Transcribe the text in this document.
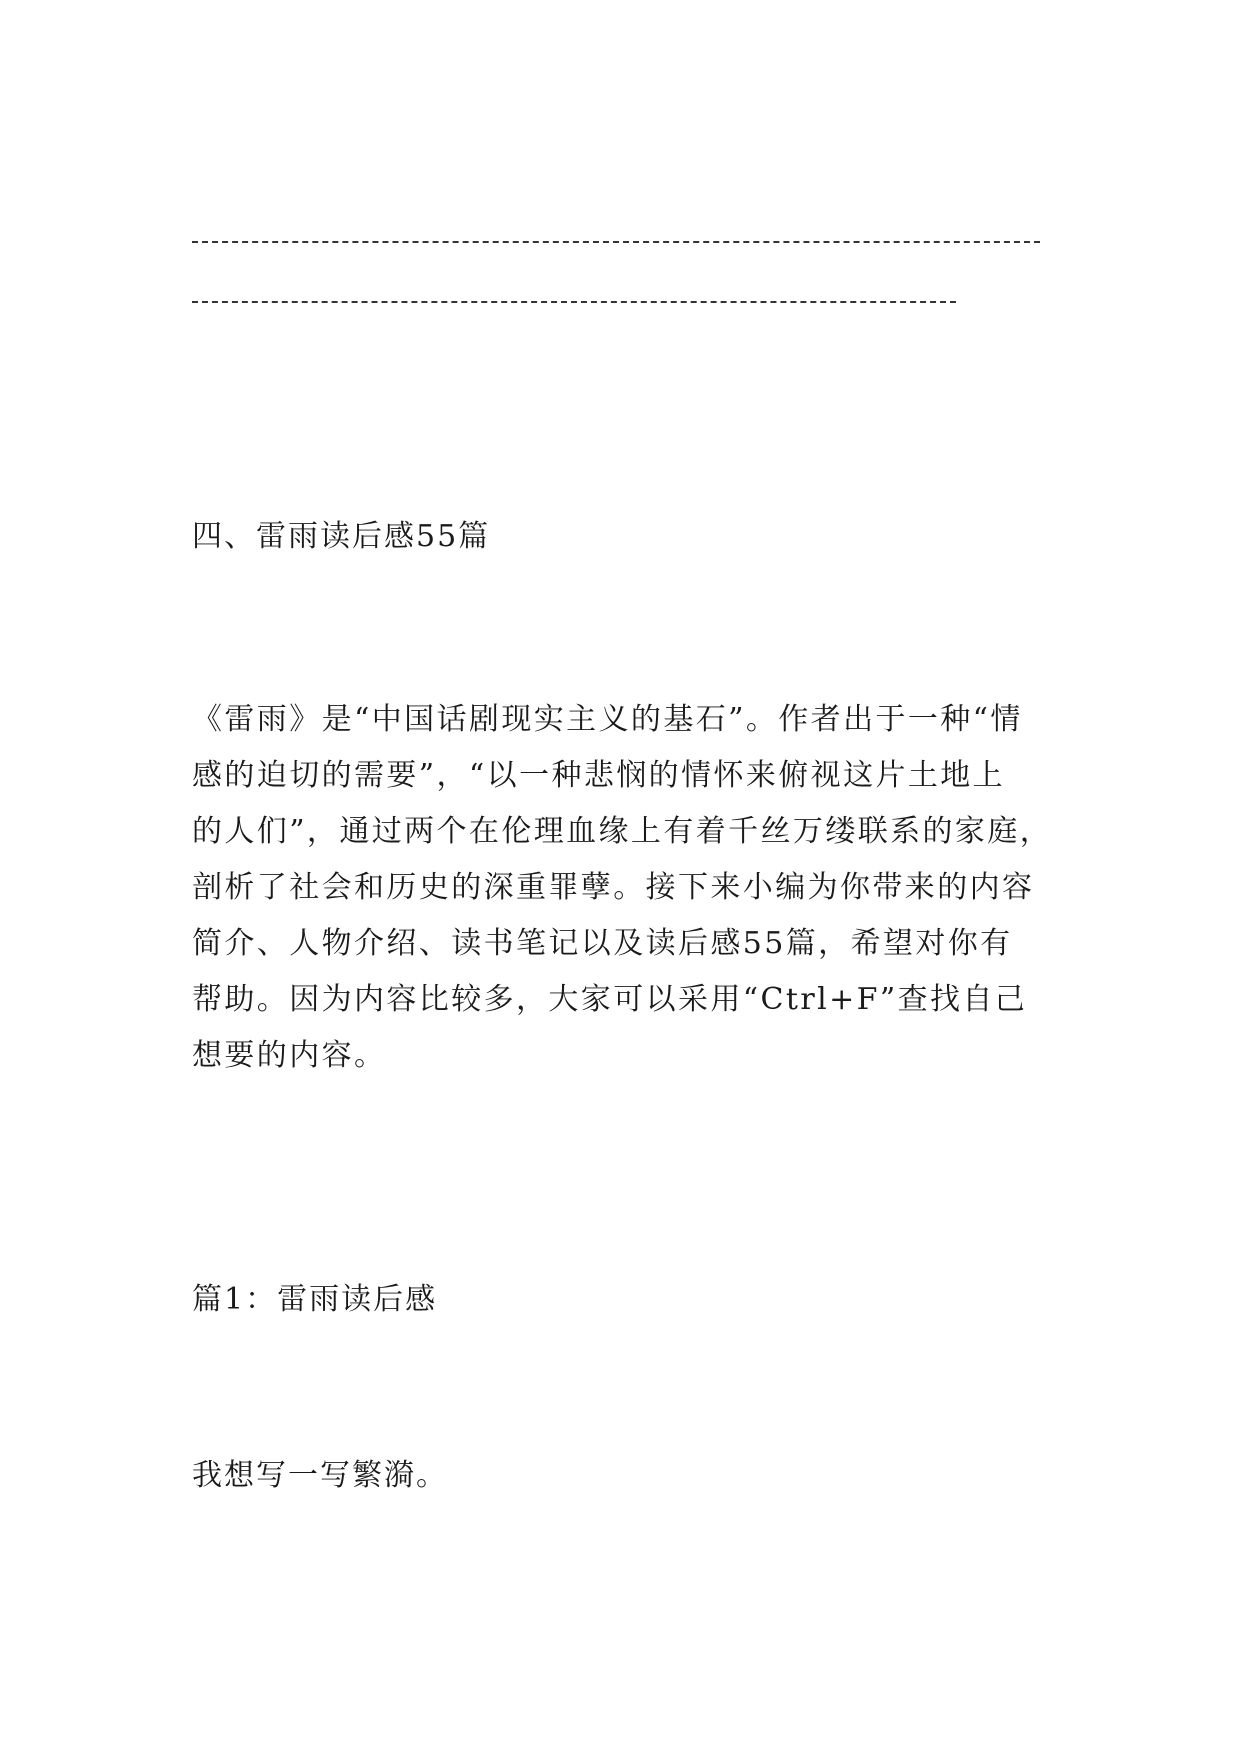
四、雷雨读后感55篇

《雷雨》是“中国话剧现实主义的基石”。作者出于一种“情
感的迫切的需要”，“以一种悲悯的情怀来俯视这片土地上
的人们”，通过两个在伦理血缘上有着千丝万缕联系的家庭，
剖析了社会和历史的深重罪孽。接下来小编为你带来的内容
简介、人物介绍、读书笔记以及读后感55篇，希望对你有
帮助。因为内容比较多，大家可以采用“Ctrl+F”查找自己
想要的内容。

篇1：雷雨读后感

我想写一写繁漪。
